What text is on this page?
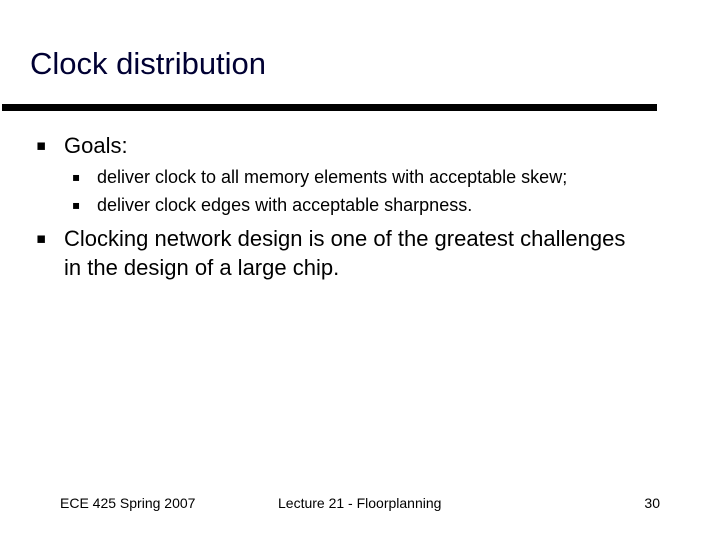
Clock distribution
▪ Goals:
▪ deliver clock to all memory elements with acceptable skew;
▪ deliver clock edges with acceptable sharpness.
▪ Clocking network design is one of the greatest challenges in the design of a large chip.
ECE 425 Spring 2007	Lecture 21 - Floorplanning	30
